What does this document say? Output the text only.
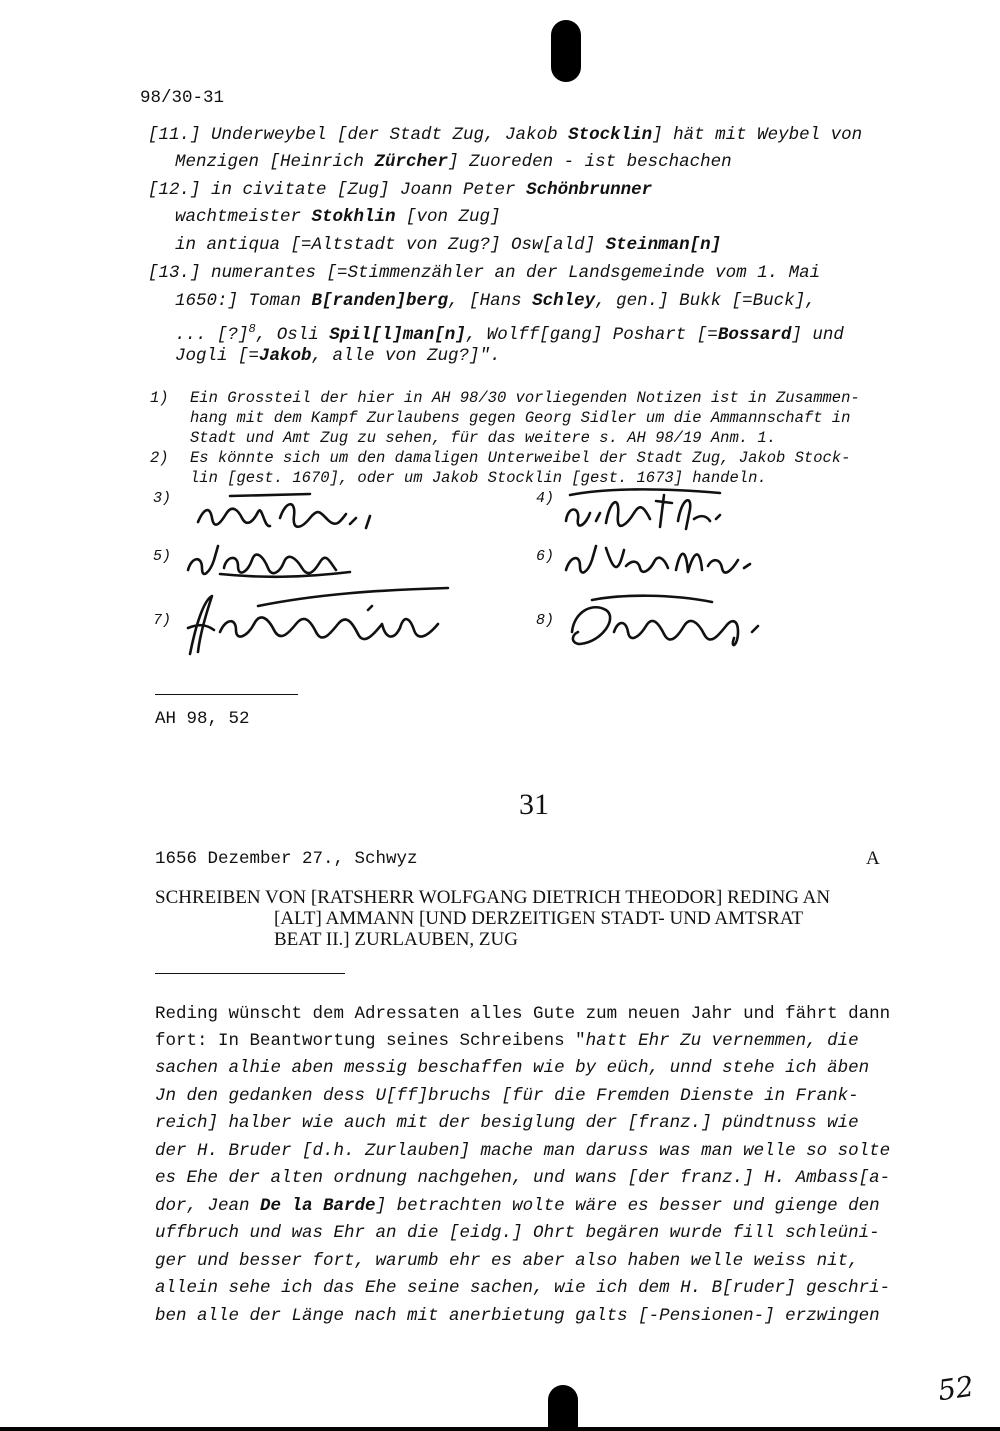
98/30-31
[11.] Underweybel [der Stadt Zug, Jakob Stocklin] hät mit Weybel von
Menzigen [Heinrich Zürcher] Zuoreden - ist beschachen
[12.] in civitate [Zug] Joann Peter Schönbrunner
wachtmeister Stokhlin [von Zug]
in antiqua [=Altstadt von Zug?] Osw[ald] Steinman[n]
[13.] numerantes [=Stimmenzähler an der Landsgemeinde vom 1. Mai
1650:] Toman B[randen]berg, [Hans Schley, gen.] Bukk [=Buck],
... [?]$^8$, Osli Spil[l]man[n], Wolff[gang] Poshart [=Bossard] und
Jogli [=Jakob, alle von Zug?]".
1) Ein Grossteil der hier in AH 98/30 vorliegenden Notizen ist in Zusammen-
hang mit dem Kampf Zurlaubens gegen Georg Sidler um die Ammannschaft in
Stadt und Amt Zug zu sehen, für das weitere s. AH 98/19 Anm. 1.
2) Es könnte sich um den damaligen Unterweibel der Stadt Zug, Jakob Stock-
lin [gest. 1670], oder um Jakob Stocklin [gest. 1673] handeln.
3)	4)
5)	6)
7)	8)
AH 98, 52
31
1656 Dezember 27., Schwyz	A
SCHREIBEN VON [RATSHERR WOLFGANG DIETRICH THEODOR] REDING AN
[ALT] AMMANN [UND DERZEITIGEN STADT- UND AMTSRAT
BEAT II.] ZURLAUBEN, ZUG
Reding wünscht dem Adressaten alles Gute zum neuen Jahr und fährt dann
fort: In Beantwortung seines Schreibens "hatt Ehr Zu vernemmen, die
sachen alhie aben messig beschaffen wie by eüch, unnd stehe ich äben
Jn den gedanken dess U[ff]bruchs [für die Fremden Dienste in Frank-
reich] halber wie auch mit der besiglung der [franz.] pündtnuss wie
der H. Bruder [d.h. Zurlauben] mache man daruss was man welle so solte
es Ehe der alten ordnung nachgehen, und wans [der franz.] H. Ambass[a-
dor, Jean De la Barde] betrachten wolte wäre es besser und gienge den
uffbruch und was Ehr an die [eidg.] Ohrt begären wurde fill schleüni-
ger und besser fort, warumb ehr es aber also haben welle weiss nit,
allein sehe ich das Ehe seine sachen, wie ich dem H. B[ruder] geschri-
ben alle der Länge nach mit anerbietung galts [-Pensionen-] erzwingen
52
